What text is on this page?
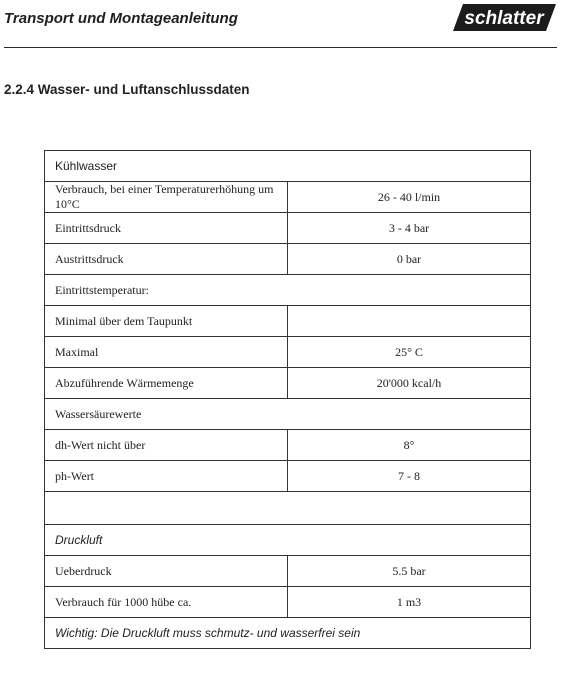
Transport und Montageanleitung	schlatter
2.2.4 Wasser- und Luftanschlussdaten
Kühlwasser	
Verbrauch, bei einer Temperaturerhöhung um 10°C	26 - 40 l/min
Eintrittsdruck	3 - 4 bar
Austrittsdruck	0 bar
Eintrittstemperatur:	
Minimal über dem Taupunkt	
Maximal	25° C
Abzuführende Wärmemenge	20'000 kcal/h
Wassersäurewerte	
dh-Wert nicht über	8°
ph-Wert	7 - 8

Druckluft	
Ueberdruck	5.5 bar
Verbrauch für 1000 hübe ca.	1 m3
Wichtig: Die Druckluft muss schmutz- und wasserfrei sein	
